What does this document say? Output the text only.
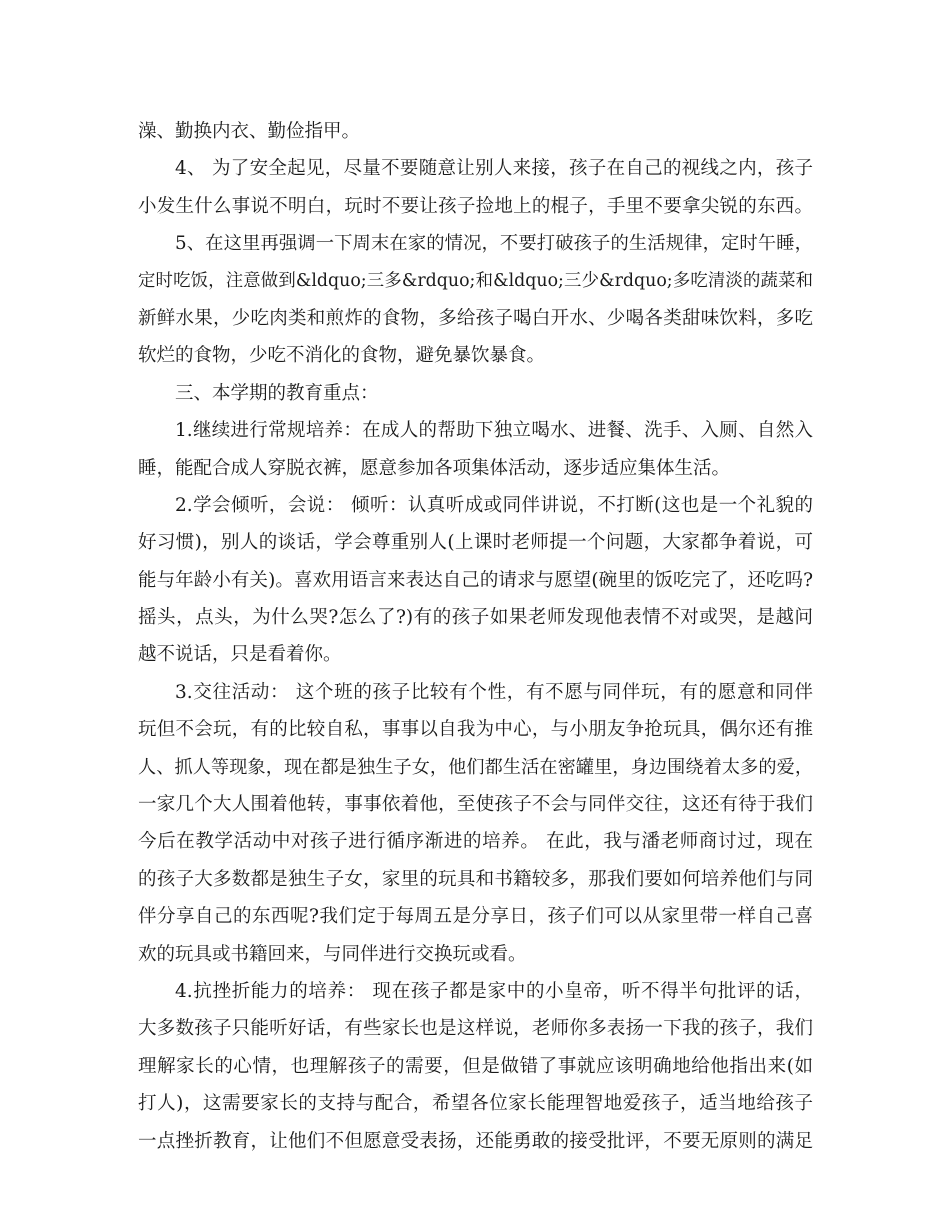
澡、勤换内衣、勤俭指甲。
4、 为了安全起见，尽量不要随意让别人来接，孩子在自己的视线之内，孩子
小发生什么事说不明白，玩时不要让孩子捡地上的棍子，手里不要拿尖锐的东西。
5、在这里再强调一下周末在家的情况，不要打破孩子的生活规律，定时午睡，
定时吃饭，注意做到&ldquo;三多&rdquo;和&ldquo;三少&rdquo;多吃清淡的蔬菜和
新鲜水果，少吃肉类和煎炸的食物，多给孩子喝白开水、少喝各类甜味饮料，多吃
软烂的食物，少吃不消化的食物，避免暴饮暴食。
三、本学期的教育重点：
1.继续进行常规培养：在成人的帮助下独立喝水、进餐、洗手、入厕、自然入
睡，能配合成人穿脱衣裤，愿意参加各项集体活动，逐步适应集体生活。
2.学会倾听，会说： 倾听：认真听成或同伴讲说，不打断(这也是一个礼貌的
好习惯)，别人的谈话，学会尊重别人(上课时老师提一个问题，大家都争着说，可
能与年龄小有关)。喜欢用语言来表达自己的请求与愿望(碗里的饭吃完了，还吃吗?
摇头，点头，为什么哭?怎么了?)有的孩子如果老师发现他表情不对或哭，是越问
越不说话，只是看着你。
3.交往活动： 这个班的孩子比较有个性，有不愿与同伴玩，有的愿意和同伴
玩但不会玩，有的比较自私，事事以自我为中心，与小朋友争抢玩具，偶尔还有推
人、抓人等现象，现在都是独生子女，他们都生活在密罐里，身边围绕着太多的爱，
一家几个大人围着他转，事事依着他，至使孩子不会与同伴交往，这还有待于我们
今后在教学活动中对孩子进行循序渐进的培养。 在此，我与潘老师商讨过，现在
的孩子大多数都是独生子女，家里的玩具和书籍较多，那我们要如何培养他们与同
伴分享自己的东西呢?我们定于每周五是分享日，孩子们可以从家里带一样自己喜
欢的玩具或书籍回来，与同伴进行交换玩或看。
4.抗挫折能力的培养： 现在孩子都是家中的小皇帝，听不得半句批评的话，
大多数孩子只能听好话，有些家长也是这样说，老师你多表扬一下我的孩子，我们
理解家长的心情，也理解孩子的需要，但是做错了事就应该明确地给他指出来(如
打人)，这需要家长的支持与配合，希望各位家长能理智地爱孩子，适当地给孩子
一点挫折教育，让他们不但愿意受表扬，还能勇敢的接受批评，不要无原则的满足
